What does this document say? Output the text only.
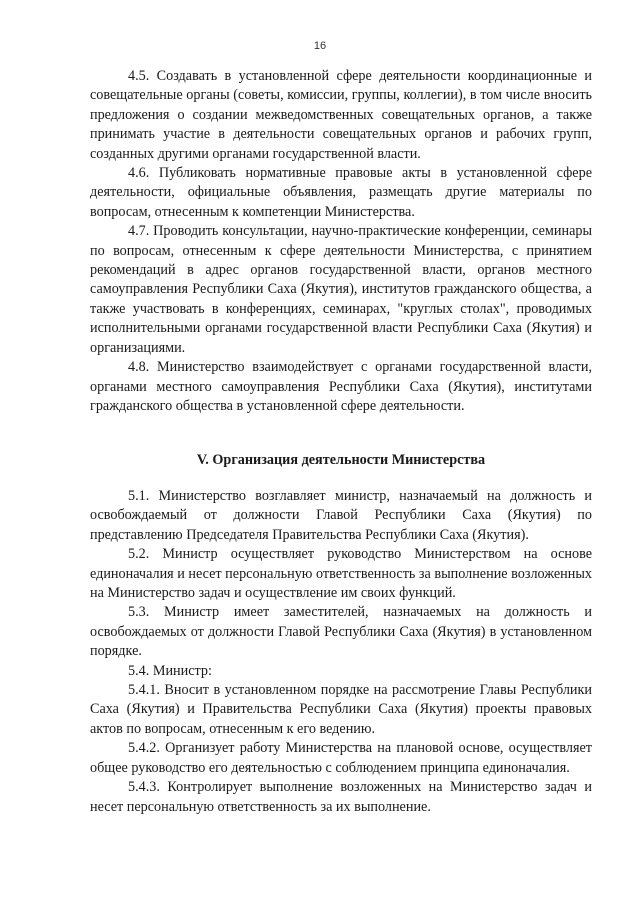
16

4.5. Создавать в установленной сфере деятельности координационные и совещательные органы (советы, комиссии, группы, коллегии), в том числе вносить предложения о создании межведомственных совещательных органов, а также принимать участие в деятельности совещательных органов и рабочих групп, созданных другими органами государственной власти.

4.6. Публиковать нормативные правовые акты в установленной сфере деятельности, официальные объявления, размещать другие материалы по вопросам, отнесенным к компетенции Министерства.

4.7. Проводить консультации, научно-практические конференции, семинары по вопросам, отнесенным к сфере деятельности Министерства, с принятием рекомендаций в адрес органов государственной власти, органов местного самоуправления Республики Саха (Якутия), институтов гражданского общества, а также участвовать в конференциях, семинарах, "круглых столах", проводимых исполнительными органами государственной власти Республики Саха (Якутия) и организациями.

4.8. Министерство взаимодействует с органами государственной власти, органами местного самоуправления Республики Саха (Якутия), институтами гражданского общества в установленной сфере деятельности.

V. Организация деятельности Министерства

5.1. Министерство возглавляет министр, назначаемый на должность и освобождаемый от должности Главой Республики Саха (Якутия) по представлению Председателя Правительства Республики Саха (Якутия).

5.2. Министр осуществляет руководство Министерством на основе единоначалия и несет персональную ответственность за выполнение возложенных на Министерство задач и осуществление им своих функций.

5.3. Министр имеет заместителей, назначаемых на должность и освобождаемых от должности Главой Республики Саха (Якутия) в установленном порядке.

5.4. Министр:

5.4.1. Вносит в установленном порядке на рассмотрение Главы Республики Саха (Якутия) и Правительства Республики Саха (Якутия) проекты правовых актов по вопросам, отнесенным к его ведению.

5.4.2. Организует работу Министерства на плановой основе, осуществляет общее руководство его деятельностью с соблюдением принципа единоначалия.

5.4.3. Контролирует выполнение возложенных на Министерство задач и несет персональную ответственность за их выполнение.
